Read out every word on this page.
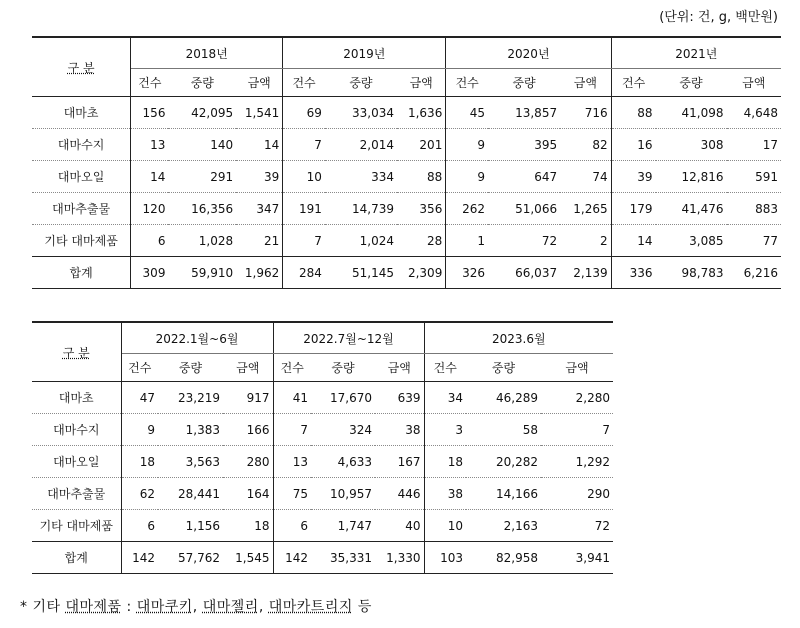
(단위: 건, g, 백만원)
구 분	2018년			2019년			2020년			2021년		
	건수	중량	금액	건수	중량	금액	건수	중량	금액	건수	중량	금액
대마초	156	42,095	1,541	69	33,034	1,636	45	13,857	716	88	41,098	4,648
대마수지	13	140	14	7	2,014	201	9	395	82	16	308	17
대마오일	14	291	39	10	334	88	9	647	74	39	12,816	591
대마추출물	120	16,356	347	191	14,739	356	262	51,066	1,265	179	41,476	883
기타 대마제품	6	1,028	21	7	1,024	28	1	72	2	14	3,085	77
합계	309	59,910	1,962	284	51,145	2,309	326	66,037	2,139	336	98,783	6,216
구 분	2022.1월~6월			2022.7월~12월			2023.6월		
	건수	중량	금액	건수	중량	금액	건수	중량	금액
대마초	47	23,219	917	41	17,670	639	34	46,289	2,280
대마수지	9	1,383	166	7	324	38	3	58	7
대마오일	18	3,563	280	13	4,633	167	18	20,282	1,292
대마추출물	62	28,441	164	75	10,957	446	38	14,166	290
기타 대마제품	6	1,156	18	6	1,747	40	10	2,163	72
합계	142	57,762	1,545	142	35,331	1,330	103	82,958	3,941
* 기타 대마제품 : 대마쿠키, 대마젤리, 대마카트리지 등
